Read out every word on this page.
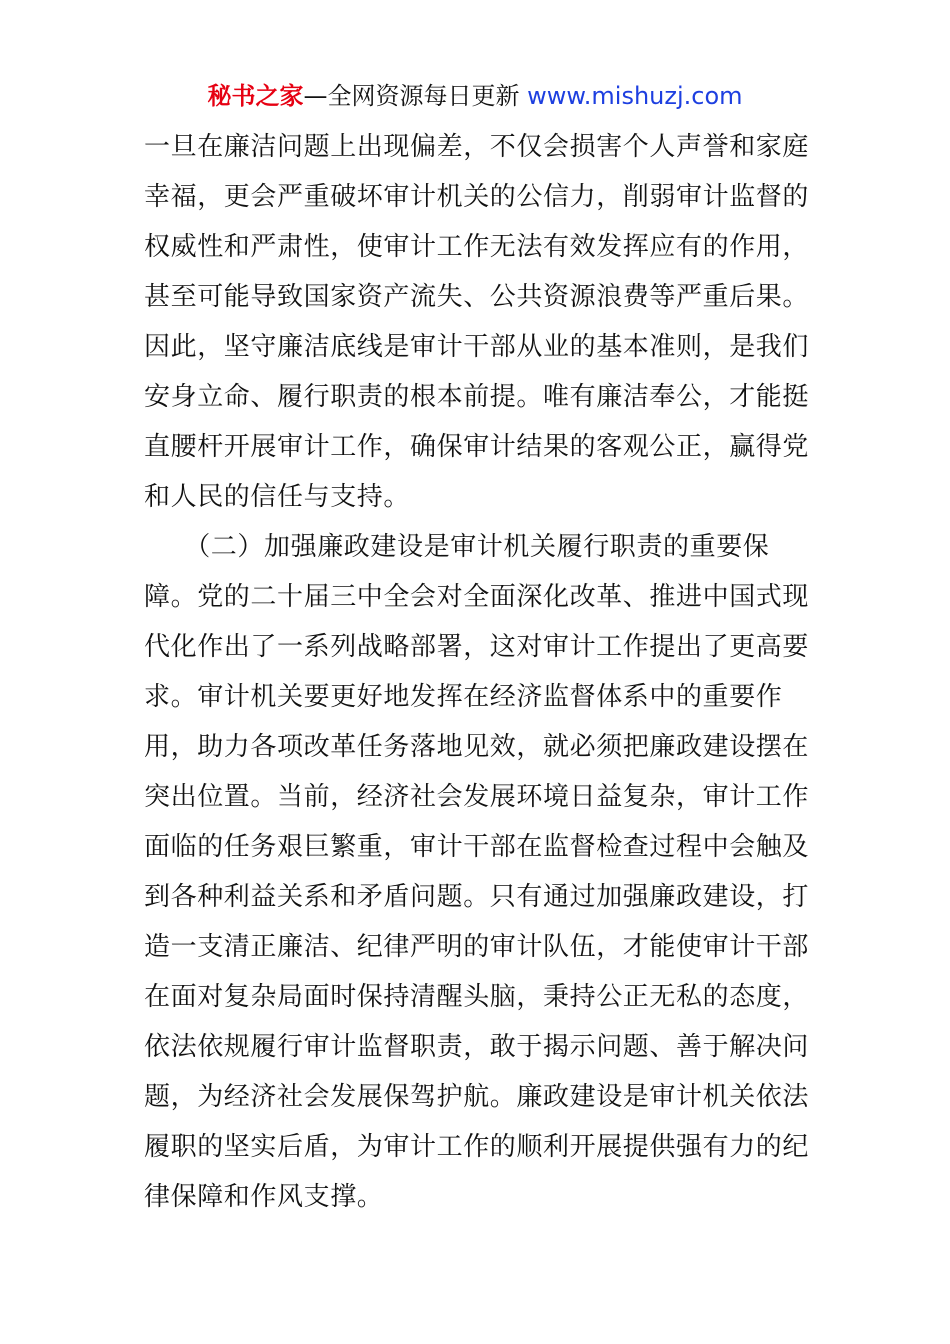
秘书之家—全网资源每日更新 www.mishuzj.com
一旦在廉洁问题上出现偏差，不仅会损害个人声誉和家庭
幸福，更会严重破坏审计机关的公信力，削弱审计监督的
权威性和严肃性，使审计工作无法有效发挥应有的作用，
甚至可能导致国家资产流失、公共资源浪费等严重后果。
因此，坚守廉洁底线是审计干部从业的基本准则，是我们
安身立命、履行职责的根本前提。唯有廉洁奉公，才能挺
直腰杆开展审计工作，确保审计结果的客观公正，赢得党
和人民的信任与支持。
　　（二）加强廉政建设是审计机关履行职责的重要保
障。党的二十届三中全会对全面深化改革、推进中国式现
代化作出了一系列战略部署，这对审计工作提出了更高要
求。审计机关要更好地发挥在经济监督体系中的重要作
用，助力各项改革任务落地见效，就必须把廉政建设摆在
突出位置。当前，经济社会发展环境日益复杂，审计工作
面临的任务艰巨繁重，审计干部在监督检查过程中会触及
到各种利益关系和矛盾问题。只有通过加强廉政建设，打
造一支清正廉洁、纪律严明的审计队伍，才能使审计干部
在面对复杂局面时保持清醒头脑，秉持公正无私的态度，
依法依规履行审计监督职责，敢于揭示问题、善于解决问
题，为经济社会发展保驾护航。廉政建设是审计机关依法
履职的坚实后盾，为审计工作的顺利开展提供强有力的纪
律保障和作风支撑。
